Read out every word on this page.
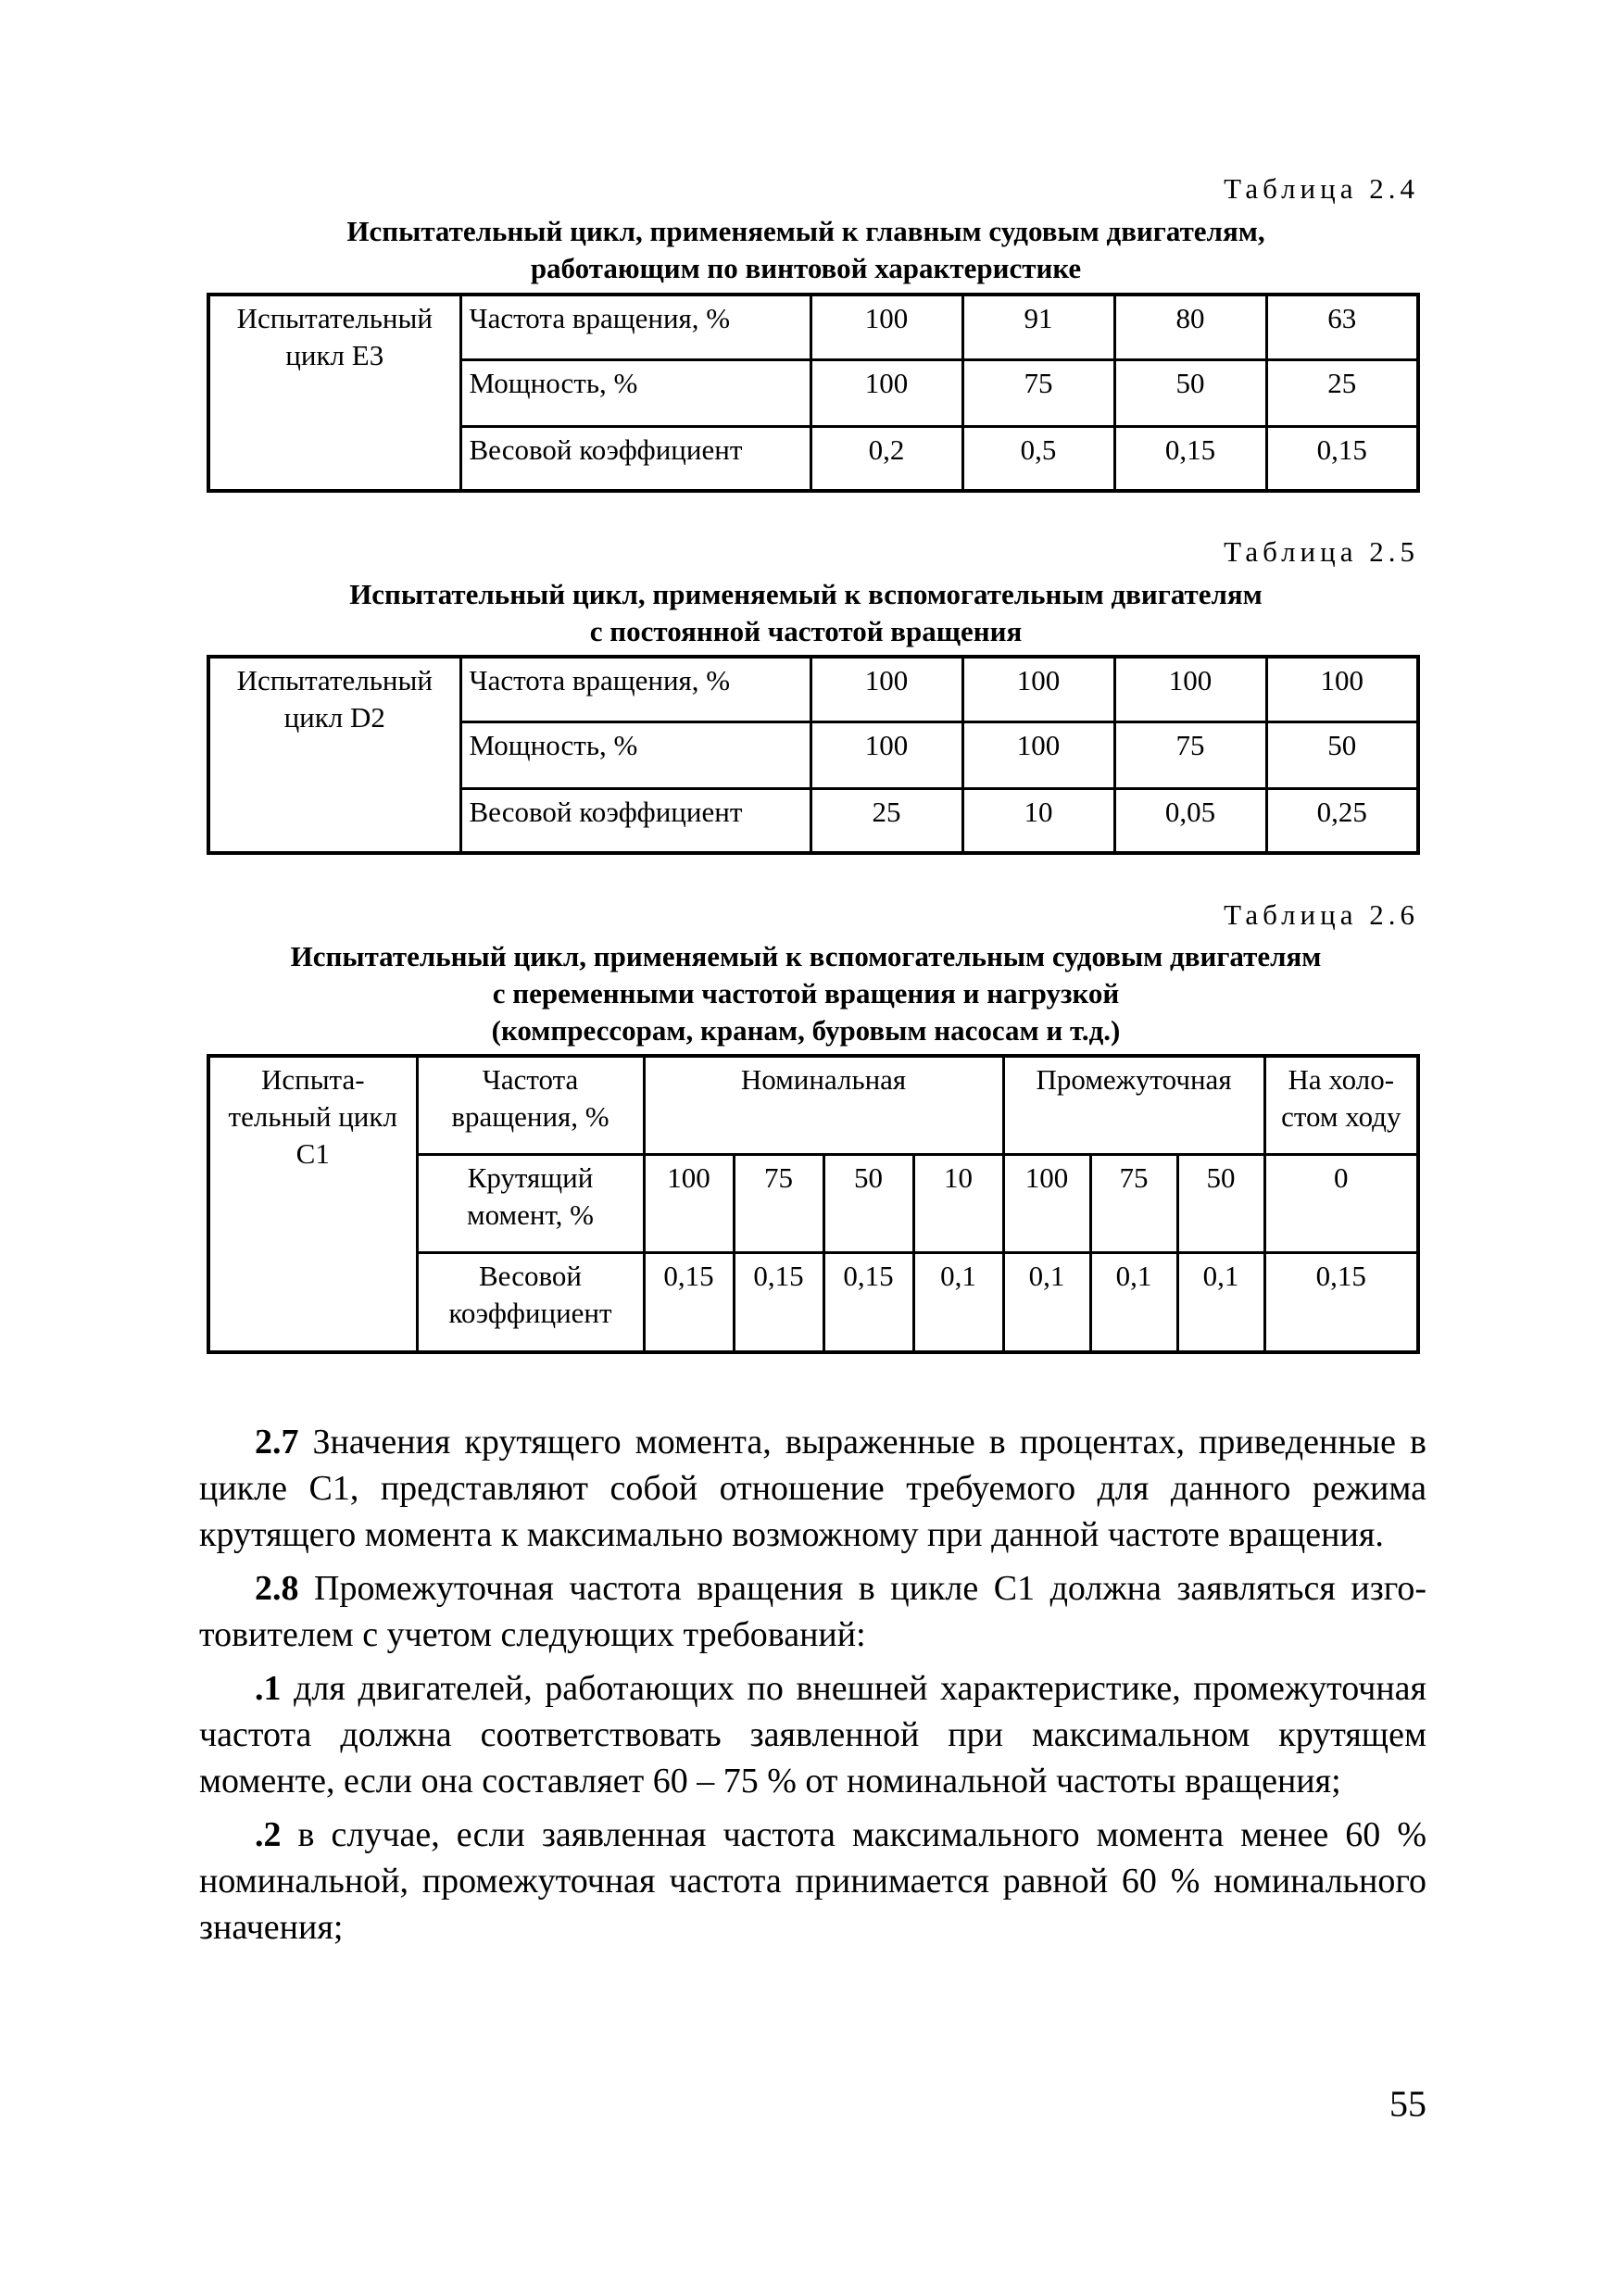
Таблица 2.4
Испытательный цикл, применяемый к главным судовым двигателям,
работающим по винтовой характеристике
Испытательный цикл Е3	Частота вращения, %	100	91	80	63
	Мощность, %	100	75	50	25
	Весовой коэффициент	0,2	0,5	0,15	0,15
Таблица 2.5
Испытательный цикл, применяемый к вспомогательным двигателям
с постоянной частотой вращения
Испытательный цикл D2	Частота вращения, %	100	100	100	100
	Мощность, %	100	100	75	50
	Весовой коэффициент	25	10	0,05	0,25
Таблица 2.6
Испытательный цикл, применяемый к вспомогательным судовым двигателям
с переменными частотой вращения и нагрузкой
(компрессорам, кранам, буровым насосам и т.д.)
Испыта-тельный цикл С1	Частота вращения, %	Номинальная				Промежуточная			На холо-стом ходу
	Крутящий момент, %	100	75	50	10	100	75	50	0
	Весовой коэффициент	0,15	0,15	0,15	0,1	0,1	0,1	0,1	0,15

2.7 Значения крутящего момента, выраженные в процентах, приведенные в цикле С1, представляют собой отношение требуемого для данного режима крутящего момента к максимально возможному при данной частоте вращения.

2.8 Промежуточная частота вращения в цикле С1 должна заявляться изго-товителем с учетом следующих требований:

.1 для двигателей, работающих по внешней характеристике, промежуточная частота должна соответствовать заявленной при максимальном крутящем моменте, если она составляет 60 – 75 % от номинальной частоты вращения;

.2 в случае, если заявленная частота максимального момента менее 60 % номинальной, промежуточная частота принимается равной 60 % номинального значения;

55
